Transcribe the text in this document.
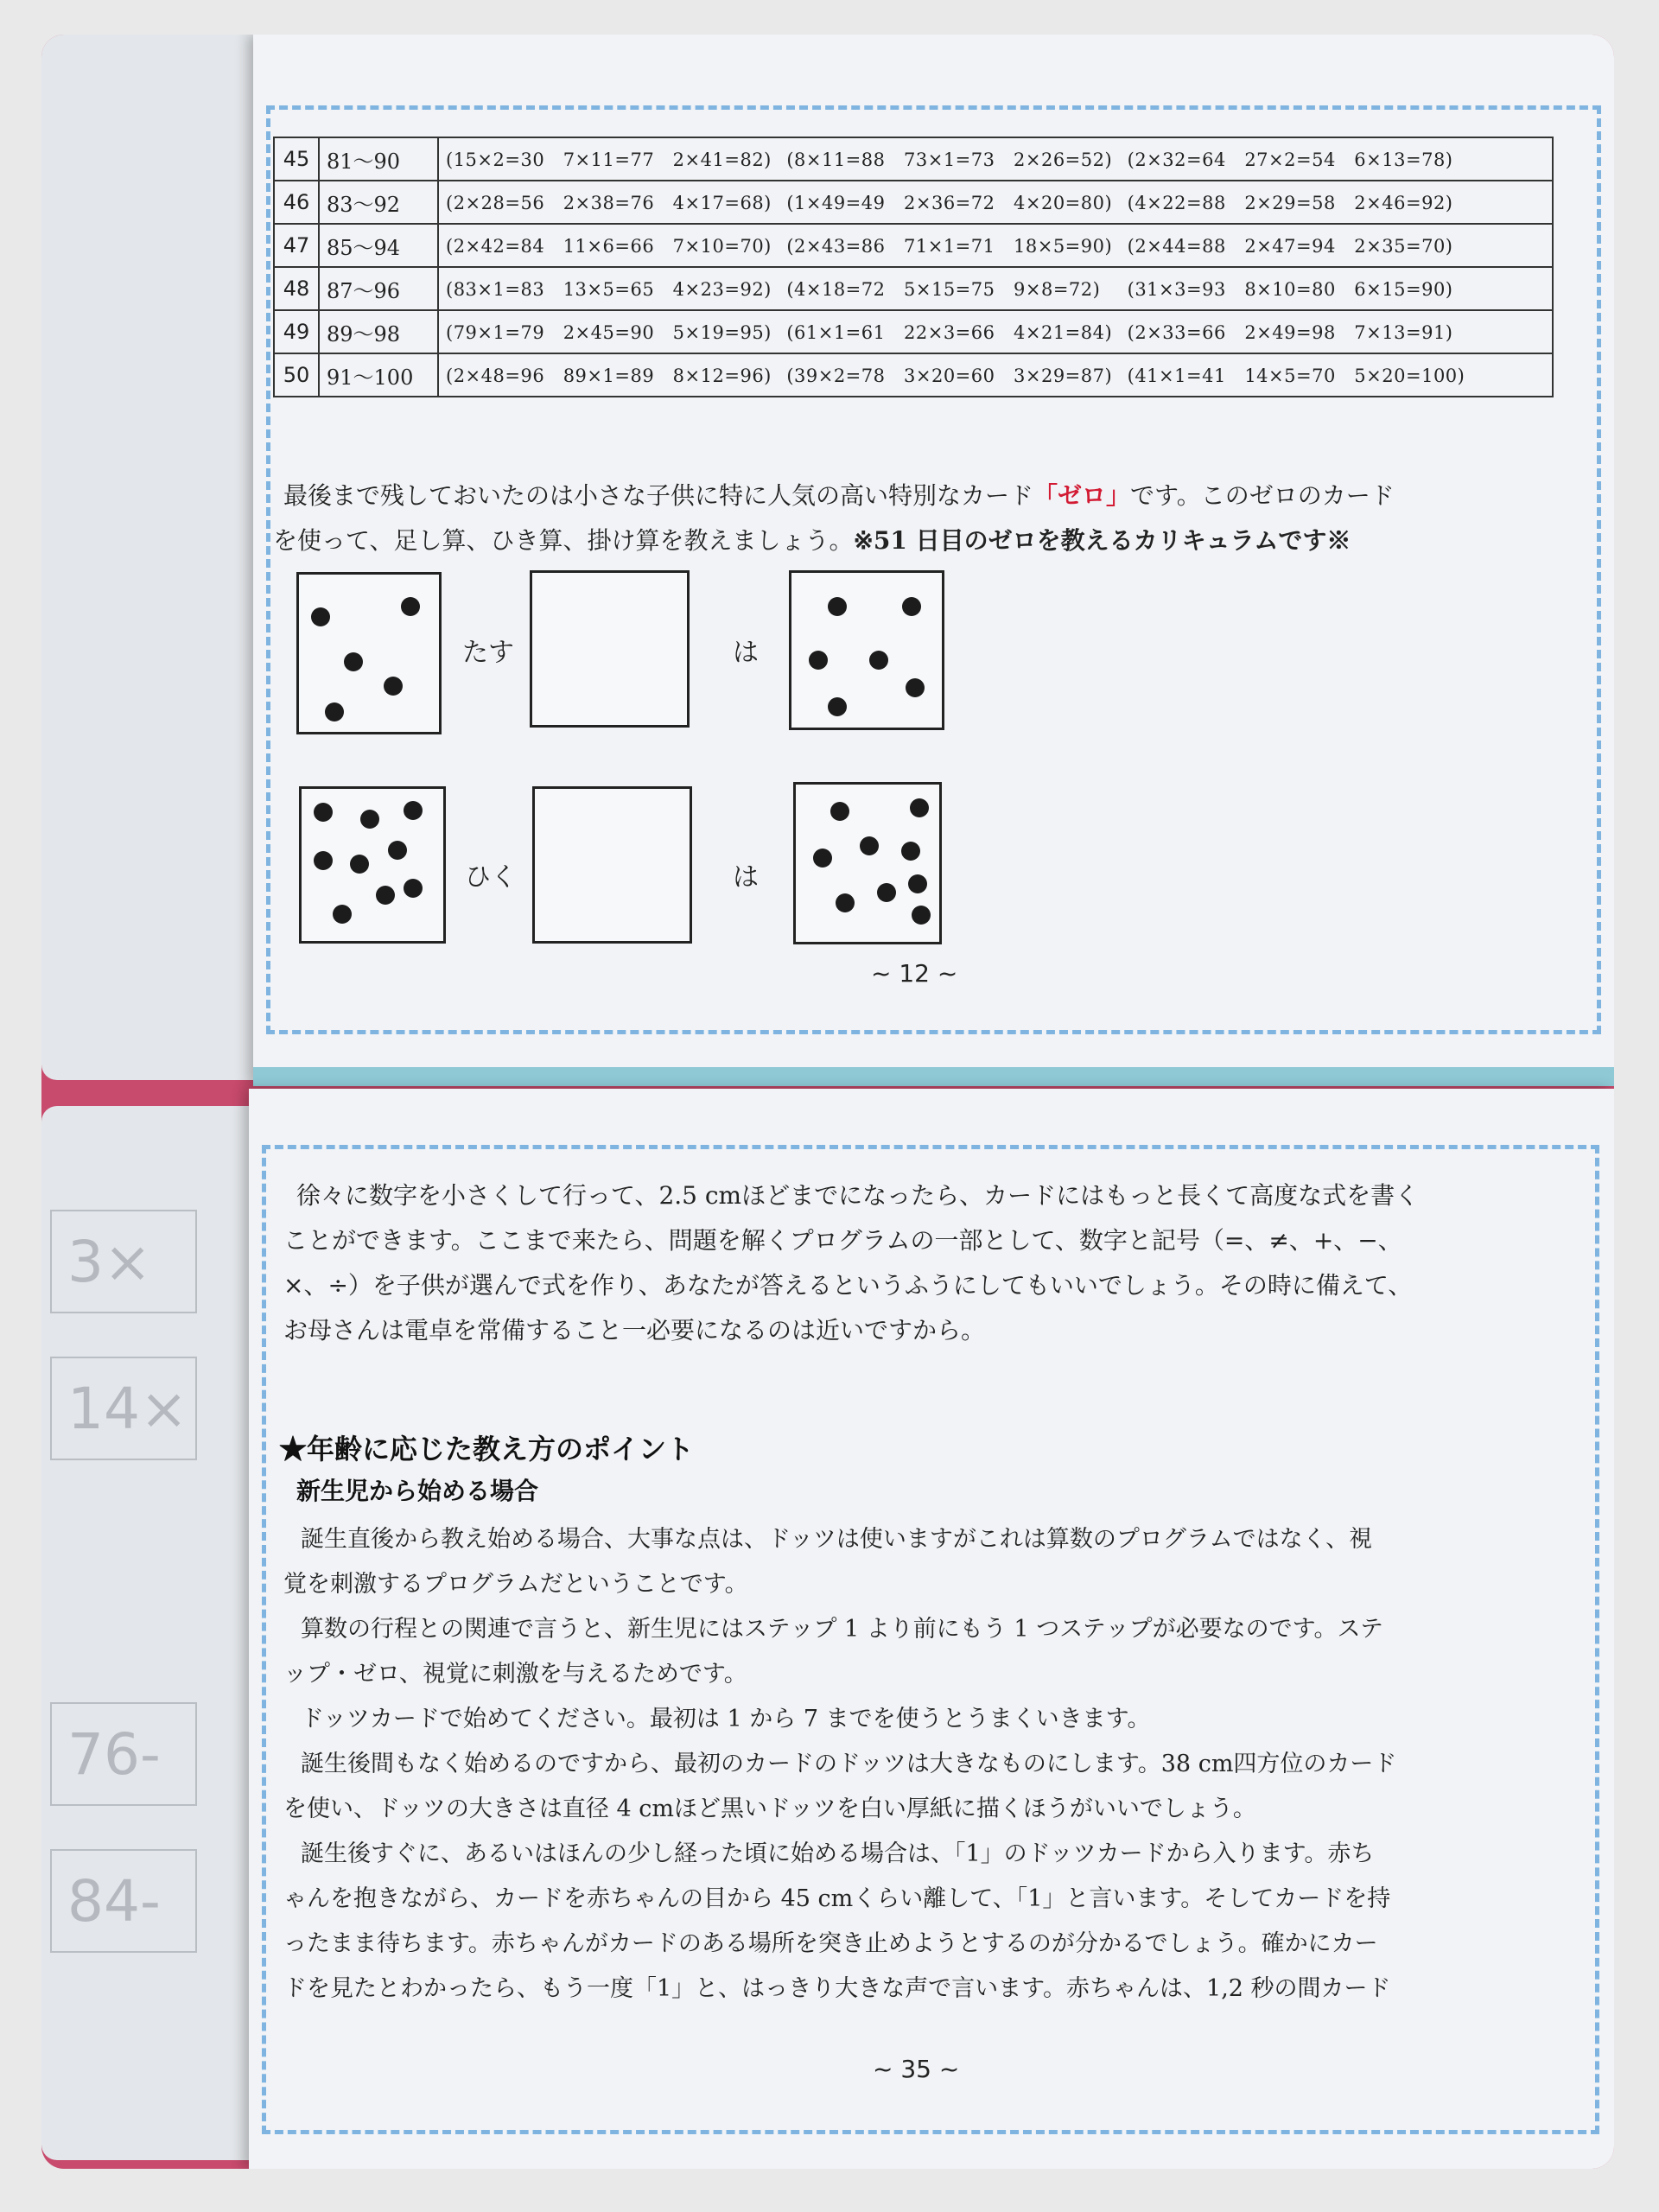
3×
14×
76-
84-
45	81～90	(15×2=30　7×11=77　2×41=82) (8×11=88　73×1=73　2×26=52) (2×32=64　27×2=54　6×13=78)
46	83～92	(2×28=56　2×38=76　4×17=68) (1×49=49　2×36=72　4×20=80) (4×22=88　2×29=58　2×46=92)
47	85～94	(2×42=84　11×6=66　7×10=70) (2×43=86　71×1=71　18×5=90) (2×44=88　2×47=94　2×35=70)
48	87～96	(83×1=83　13×5=65　4×23=92) (4×18=72　5×15=75　9×8=72) (31×3=93　8×10=80　6×15=90)
49	89～98	(79×1=79　2×45=90　5×19=95) (61×1=61　22×3=66　4×21=84) (2×33=66　2×49=98　7×13=91)
50	91～100	(2×48=96　89×1=89　8×12=96) (39×2=78　3×20=60　3×29=87) (41×1=41　14×5=70　5×20=100)
最後まで残しておいたのは小さな子供に特に人気の高い特別なカード「ゼロ」です。このゼロのカード
を使って、足し算、ひき算、掛け算を教えましょう。※51 日目のゼロを教えるカリキュラムです※
たす	は
ひく	は
~ 12 ~
徐々に数字を小さくして行って、2.5 cmほどまでになったら、カードにはもっと長くて高度な式を書く
ことができます。ここまで来たら、問題を解くプログラムの一部として、数字と記号（=、≠、+、−、
×、÷）を子供が選んで式を作り、あなたが答えるというふうにしてもいいでしょう。その時に備えて、
お母さんは電卓を常備すること一必要になるのは近いですから。
★年齢に応じた教え方のポイント
新生児から始める場合
誕生直後から教え始める場合、大事な点は、ドッツは使いますがこれは算数のプログラムではなく、視
覚を刺激するプログラムだということです。
算数の行程との関連で言うと、新生児にはステップ 1 より前にもう 1 つステップが必要なのです。ステ
ップ・ゼロ、視覚に刺激を与えるためです。
ドッツカードで始めてください。最初は 1 から 7 までを使うとうまくいきます。
誕生後間もなく始めるのですから、最初のカードのドッツは大きなものにします。38 cm四方位のカード
を使い、ドッツの大きさは直径 4 cmほど黒いドッツを白い厚紙に描くほうがいいでしょう。
誕生後すぐに、あるいはほんの少し経った頃に始める場合は、「1」のドッツカードから入ります。赤ち
ゃんを抱きながら、カードを赤ちゃんの目から 45 cmくらい離して、「1」と言います。そしてカードを持
ったまま待ちます。赤ちゃんがカードのある場所を突き止めようとするのが分かるでしょう。確かにカー
ドを見たとわかったら、もう一度「1」と、はっきり大きな声で言います。赤ちゃんは、1,2 秒の間カード
~ 35 ~
